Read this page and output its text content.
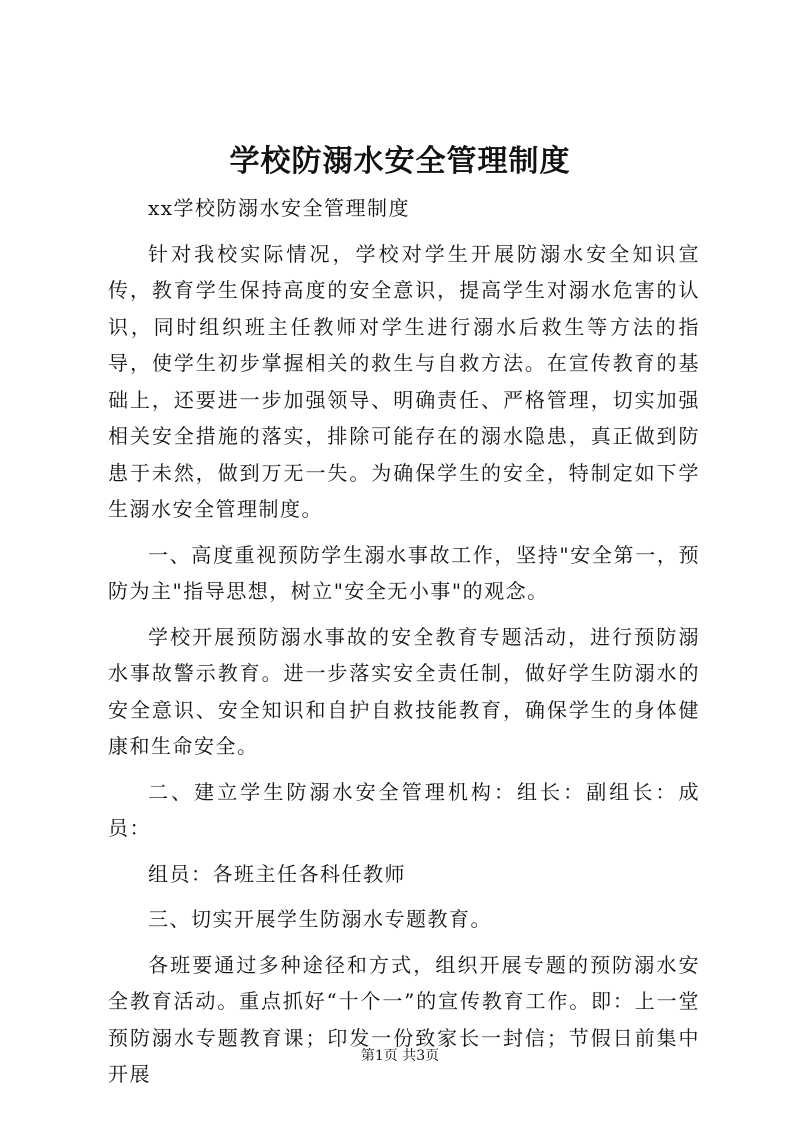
学校防溺水安全管理制度

xx学校防溺水安全管理制度

针对我校实际情况，学校对学生开展防溺水安全知识宣传，教育学生保持高度的安全意识，提高学生对溺水危害的认识，同时组织班主任教师对学生进行溺水后救生等方法的指导，使学生初步掌握相关的救生与自救方法。在宣传教育的基础上，还要进一步加强领导、明确责任、严格管理，切实加强相关安全措施的落实，排除可能存在的溺水隐患，真正做到防患于未然，做到万无一失。为确保学生的安全，特制定如下学生溺水安全管理制度。

一、高度重视预防学生溺水事故工作，坚持"安全第一，预防为主"指导思想，树立"安全无小事"的观念。

学校开展预防溺水事故的安全教育专题活动，进行预防溺水事故警示教育。进一步落实安全责任制，做好学生防溺水的安全意识、安全知识和自护自救技能教育，确保学生的身体健康和生命安全。

二、建立学生防溺水安全管理机构：组长：副组长：成员：

组员：各班主任各科任教师

三、切实开展学生防溺水专题教育。

各班要通过多种途径和方式，组织开展专题的预防溺水安全教育活动。重点抓好“十个一”的宣传教育工作。即：上一堂预防溺水专题教育课；印发一份致家长一封信；节假日前集中开展

第1页 共3页
